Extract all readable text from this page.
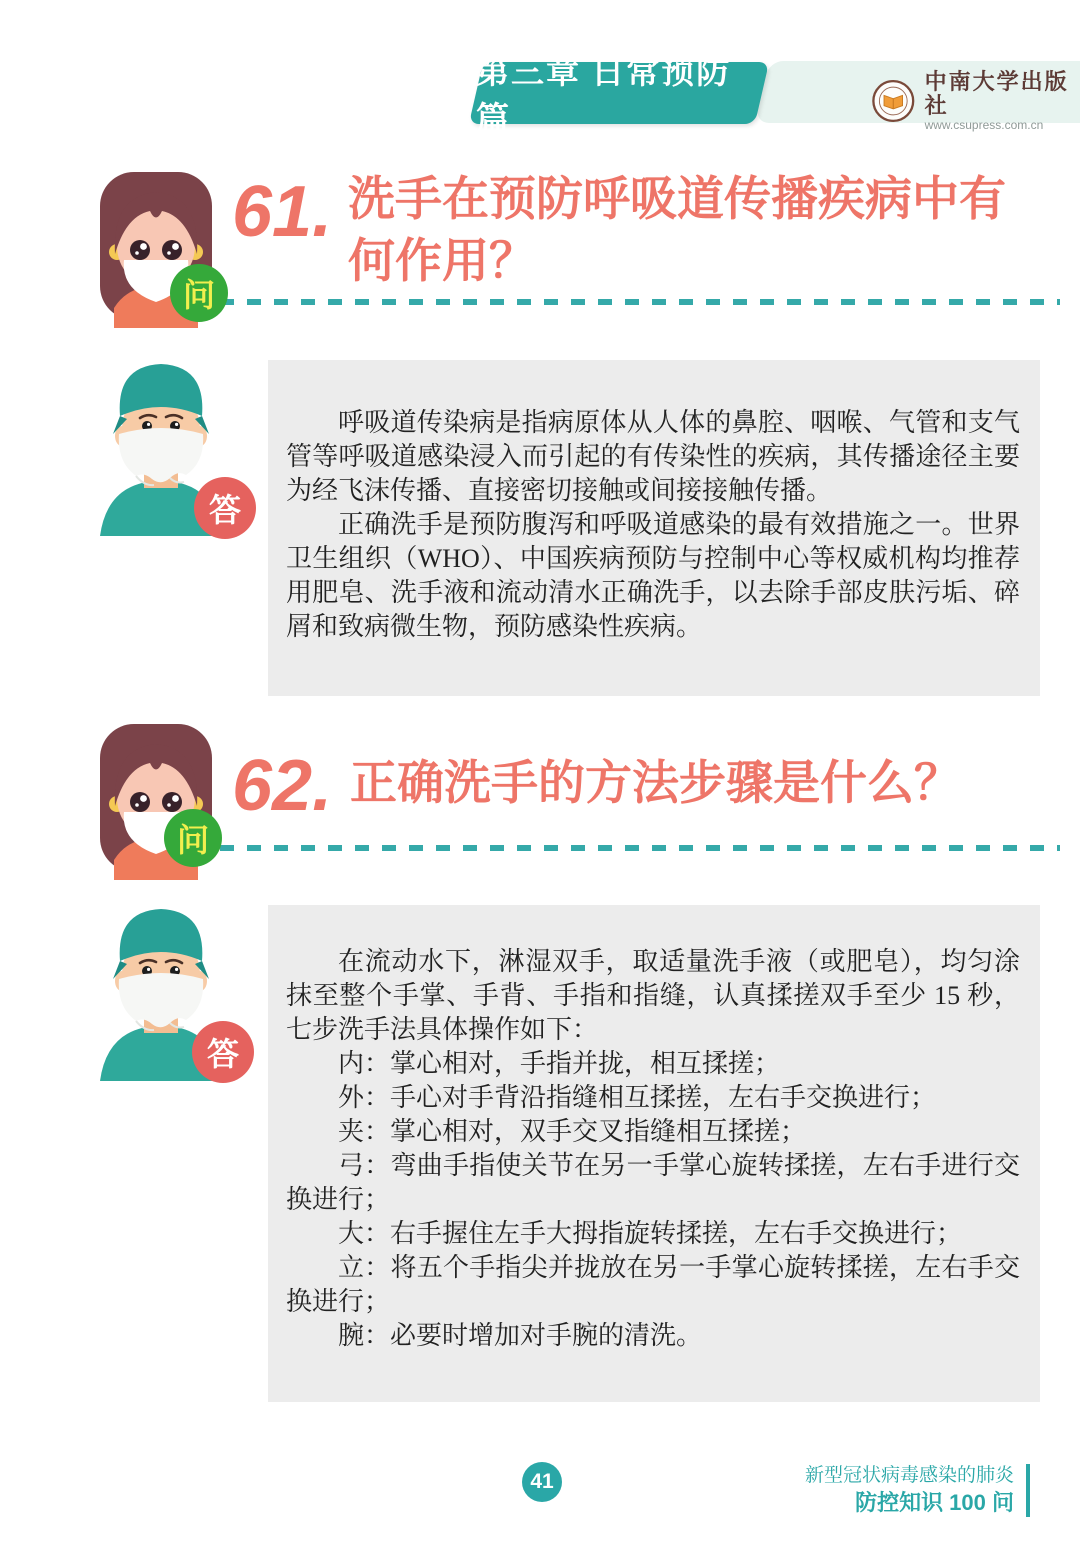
第三章 日常预防篇
中南大学出版社
www.csupress.com.cn
问
61. 洗手在预防呼吸道传播疾病中有何作用？
答

呼吸道传染病是指病原体从人体的鼻腔、咽喉、气管和支气管等呼吸道感染浸入而引起的有传染性的疾病，其传播途径主要为经飞沫传播、直接密切接触或间接接触传播。

正确洗手是预防腹泻和呼吸道感染的最有效措施之一。世界卫生组织（WHO）、中国疾病预防与控制中心等权威机构均推荐用肥皂、洗手液和流动清水正确洗手，以去除手部皮肤污垢、碎屑和致病微生物，预防感染性疾病。

问
62. 正确洗手的方法步骤是什么？
答

在流动水下，淋湿双手，取适量洗手液（或肥皂），均匀涂抹至整个手掌、手背、手指和指缝，认真揉搓双手至少 15 秒，七步洗手法具体操作如下：

内：掌心相对，手指并拢，相互揉搓；

外：手心对手背沿指缝相互揉搓，左右手交换进行；

夹：掌心相对，双手交叉指缝相互揉搓；

弓：弯曲手指使关节在另一手掌心旋转揉搓，左右手进行交换进行；

大：右手握住左手大拇指旋转揉搓，左右手交换进行；

立：将五个手指尖并拢放在另一手掌心旋转揉搓，左右手交换进行；

腕：必要时增加对手腕的清洗。

41	新型冠状病毒感染的肺炎
防控知识 100 问
